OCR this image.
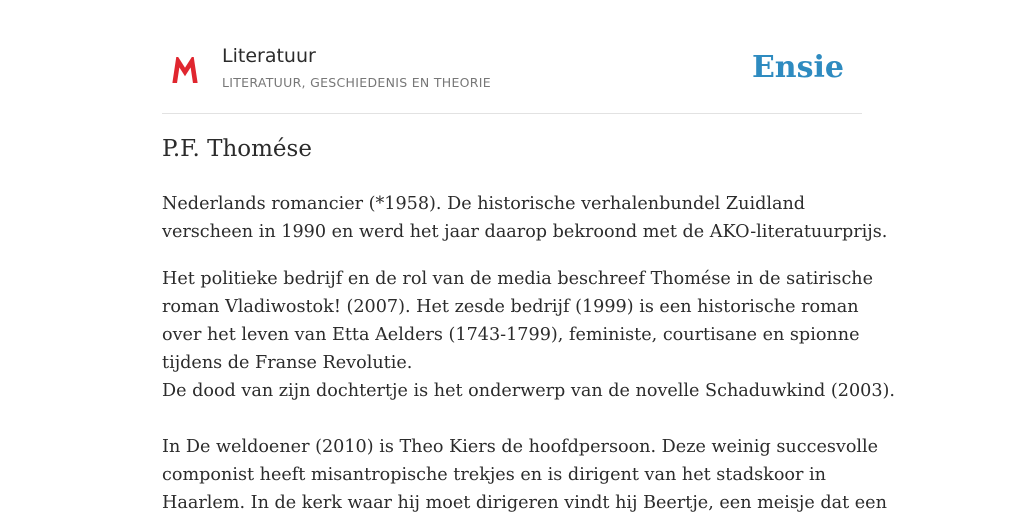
Literatuur
LITERATUUR, GESCHIEDENIS EN THEORIE	Ensie
P.F. Thomése

Nederlands romancier (*1958). De historische verhalenbundel Zuidland
verscheen in 1990 en werd het jaar daarop bekroond met de AKO-literatuurprijs.

Het politieke bedrijf en de rol van de media beschreef Thomése in de satirische
roman Vladiwostok! (2007). Het zesde bedrijf (1999) is een historische roman
over het leven van Etta Aelders (1743-1799), feministe, courtisane en spionne
tijdens de Franse Revolutie.
De dood van zijn dochtertje is het onderwerp van de novelle Schaduwkind (2003).
In De weldoener (2010) is Theo Kiers de hoofdpersoon. Deze weinig succesvolle
componist heeft misantropische trekjes en is dirigent van het stadskoor in
Haarlem. In de kerk waar hij moet dirigeren vindt hij Beertje, een meisje dat een
